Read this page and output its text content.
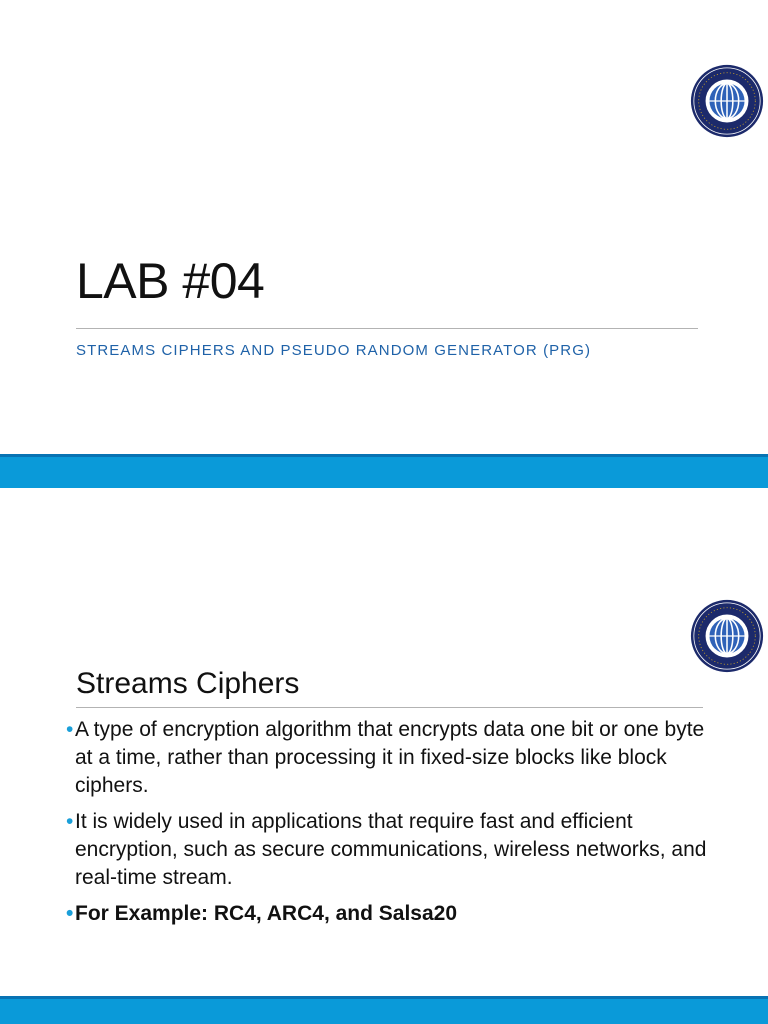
LAB #04
STREAMS CIPHERS AND PSEUDO RANDOM GENERATOR (PRG)
Streams Ciphers
• A type of encryption algorithm that encrypts data one bit or one byte at a time, rather than processing it in fixed-size blocks like block ciphers.
• It is widely used in applications that require fast and efficient encryption, such as secure communications, wireless networks, and real-time stream.
• For Example: RC4, ARC4, and Salsa20
